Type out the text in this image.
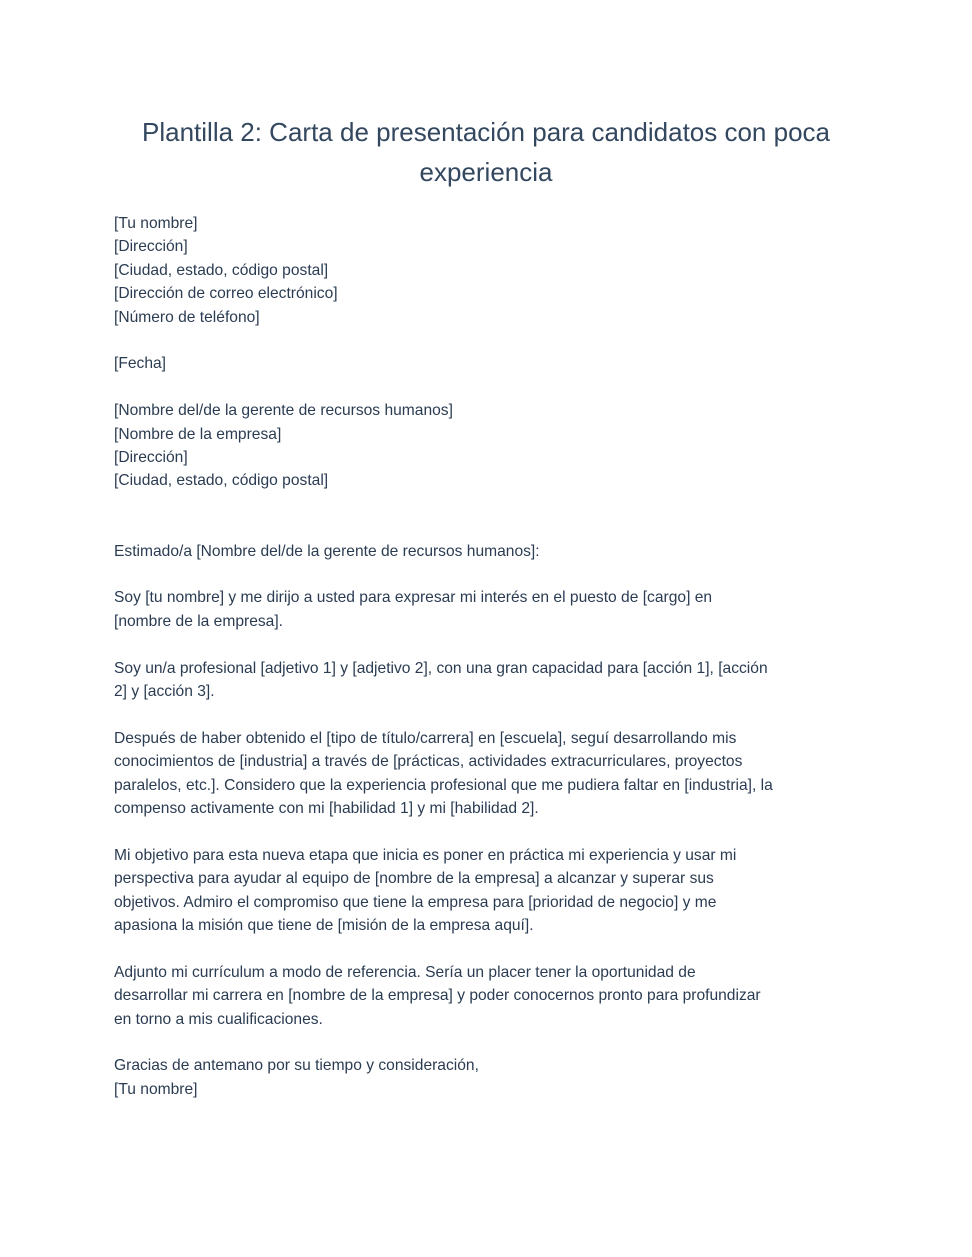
Plantilla 2: Carta de presentación para candidatos con poca
experiencia
[Tu nombre]
[Dirección]
[Ciudad, estado, código postal]
[Dirección de correo electrónico]
[Número de teléfono]
[Fecha]
[Nombre del/de la gerente de recursos humanos]
[Nombre de la empresa]
[Dirección]
[Ciudad, estado, código postal]
Estimado/a [Nombre del/de la gerente de recursos humanos]:
Soy [tu nombre] y me dirijo a usted para expresar mi interés en el puesto de [cargo] en
[nombre de la empresa].
Soy un/a profesional [adjetivo 1] y [adjetivo 2], con una gran capacidad para [acción 1], [acción
2] y [acción 3].
Después de haber obtenido el [tipo de título/carrera] en [escuela], seguí desarrollando mis
conocimientos de [industria] a través de [prácticas, actividades extracurriculares, proyectos
paralelos, etc.]. Considero que la experiencia profesional que me pudiera faltar en [industria], la
compenso activamente con mi [habilidad 1] y mi [habilidad 2].
Mi objetivo para esta nueva etapa que inicia es poner en práctica mi experiencia y usar mi
perspectiva para ayudar al equipo de [nombre de la empresa] a alcanzar y superar sus
objetivos. Admiro el compromiso que tiene la empresa para [prioridad de negocio] y me
apasiona la misión que tiene de [misión de la empresa aquí].
Adjunto mi currículum a modo de referencia. Sería un placer tener la oportunidad de
desarrollar mi carrera en [nombre de la empresa] y poder conocernos pronto para profundizar
en torno a mis cualificaciones.
Gracias de antemano por su tiempo y consideración,
[Tu nombre]
